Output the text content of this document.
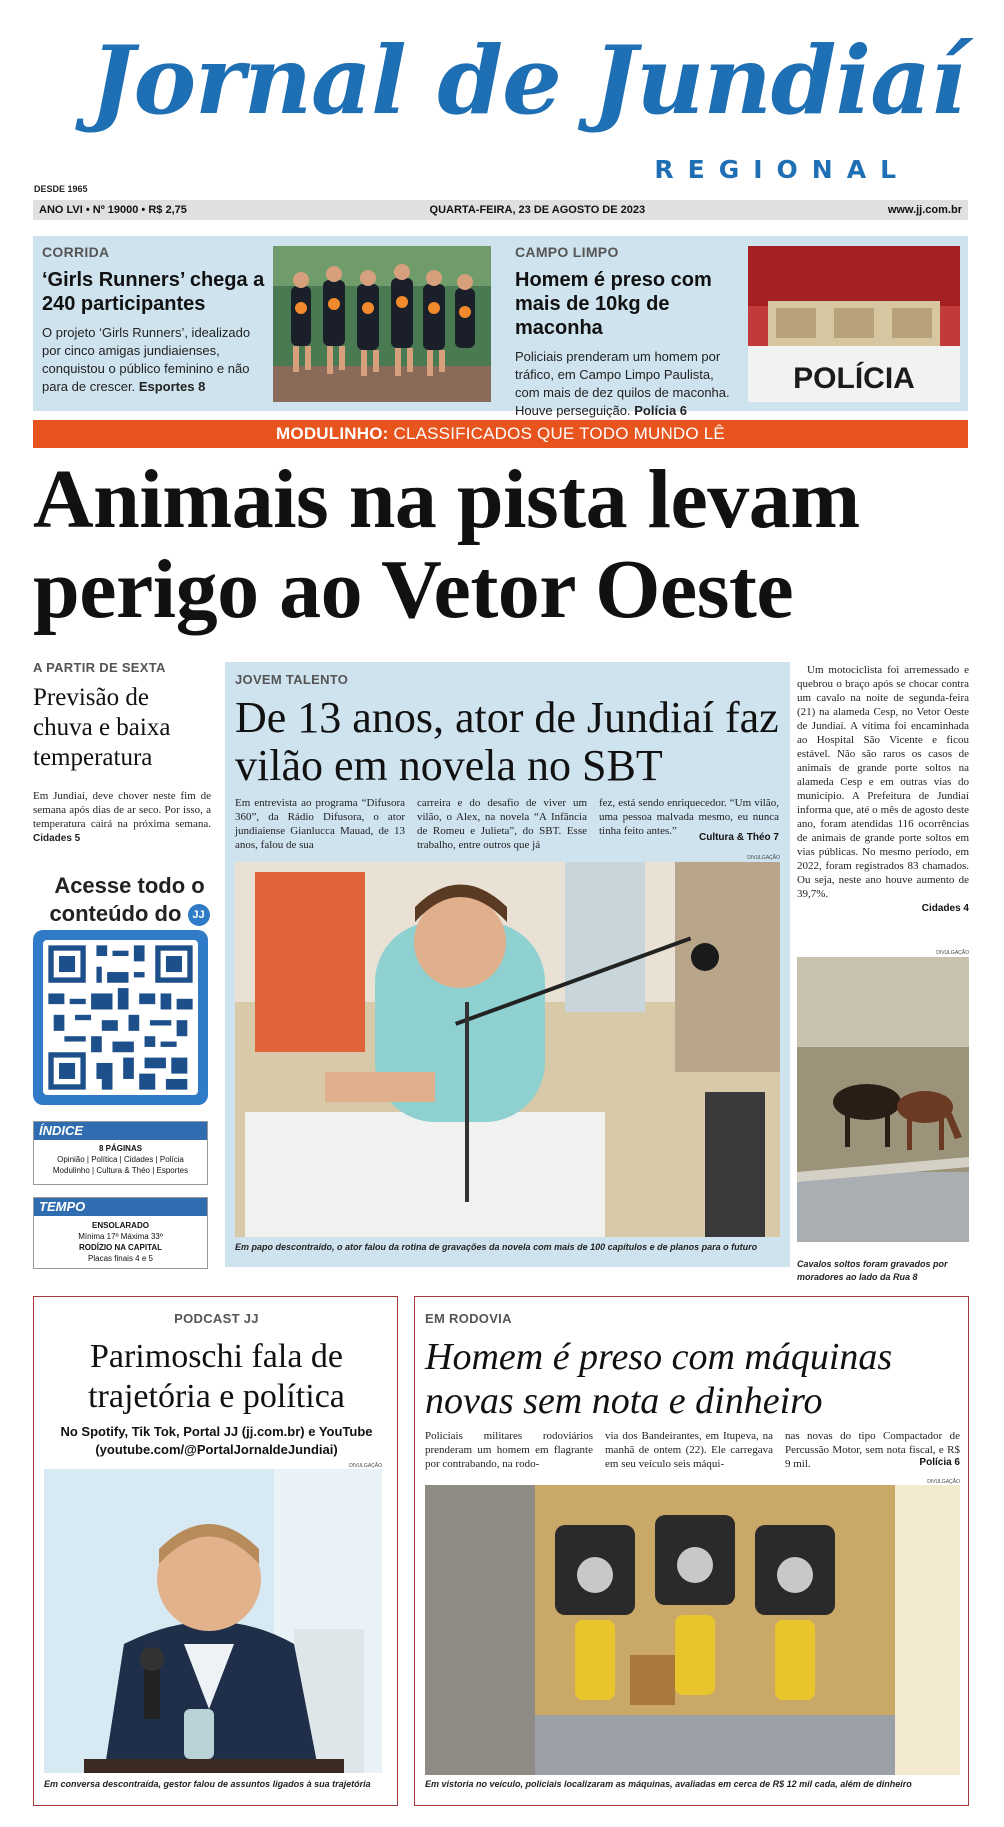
Jornal de Jundiaí
REGIONAL
DESDE 1965
ANO LVI • Nº 19000 • R$ 2,75	QUARTA-FEIRA, 23 DE AGOSTO DE 2023	www.jj.com.br
CORRIDA
‘Girls Runners’ chega a 240 participantes
O projeto ‘Girls Runners’, idealizado por cinco amigas jundiaienses, conquistou o público feminino e não para de crescer. Esportes 8
CAMPO LIMPO
Homem é preso com mais de 10kg de maconha
Policiais prenderam um homem por tráfico, em Campo Limpo Paulista, com mais de dez quilos de maconha. Houve perseguição. Polícia 6
POLÍCIA
MODULINHO: CLASSIFICADOS QUE TODO MUNDO LÊ
Animais na pista levam perigo ao Vetor Oeste
A PARTIR DE SEXTA
Previsão de chuva e baixa temperatura
Em Jundiaí, deve chover neste fim de semana após dias de ar seco. Por isso, a temperatura cairá na próxima semana. Cidades 5
Acesse todo o conteúdo do JJ
ÍNDICE
8 PÁGINAS
Opinião | Política | Cidades | Polícia
Modulinho | Cultura & Théo | Esportes
TEMPO
ENSOLARADO
Mínima 17º Máxima 33º
RODÍZIO NA CAPITAL
Placas finais 4 e 5
JOVEM TALENTO
De 13 anos, ator de Jundiaí faz vilão em novela no SBT
Em entrevista ao programa “Difusora 360”, da Rádio Difusora, o ator jundiaiense Gianlucca Mauad, de 13 anos, falou de sua
carreira e do desafio de viver um vilão, o Alex, na novela “A Infância de Romeu e Julieta”, do SBT. Esse trabalho, entre outros que já
fez, está sendo enriquecedor. “Um vilão, uma pessoa malvada mesmo, eu nunca tinha feito antes.”
Cultura & Théo 7
DIVULGAÇÃO
Em papo descontraído, o ator falou da rotina de gravações da novela com mais de 100 capítulos e de planos para o futuro
Um motociclista foi arremessado e quebrou o braço após se chocar contra um cavalo na noite de segunda-feira (21) na alameda Cesp, no Vetor Oeste de Jundiaí. A vítima foi encaminhada ao Hospital São Vicente e ficou estável. Não são raros os casos de animais de grande porte soltos na alameda Cesp e em outras vias do município. A Prefeitura de Jundiaí informa que, até o mês de agosto deste ano, foram atendidas 116 ocorrências de animais de grande porte soltos em vias públicas. No mesmo período, em 2022, foram registrados 83 chamados. Ou seja, neste ano houve aumento de 39,7%.
Cidades 4
DIVULGAÇÃO
Cavalos soltos foram gravados por moradores ao lado da Rua 8
PODCAST JJ
Parimoschi fala de trajetória e política
No Spotify, Tik Tok, Portal JJ (jj.com.br) e YouTube (youtube.com/@PortalJornaldeJundiai)
DIVULGAÇÃO
Em conversa descontraída, gestor falou de assuntos ligados à sua trajetória
EM RODOVIA
Homem é preso com máquinas novas sem nota e dinheiro
Policiais militares rodoviários prenderam um homem em flagrante por contrabando, na rodo-
via dos Bandeirantes, em Itupeva, na manhã de ontem (22). Ele carregava em seu veículo seis máqui-
nas novas do tipo Compactador de Percussão Motor, sem nota fiscal, e R$ 9 mil.	Polícia 6
DIVULGAÇÃO
Em vistoria no veículo, policiais localizaram as máquinas, avaliadas em cerca de R$ 12 mil cada, além de dinheiro
